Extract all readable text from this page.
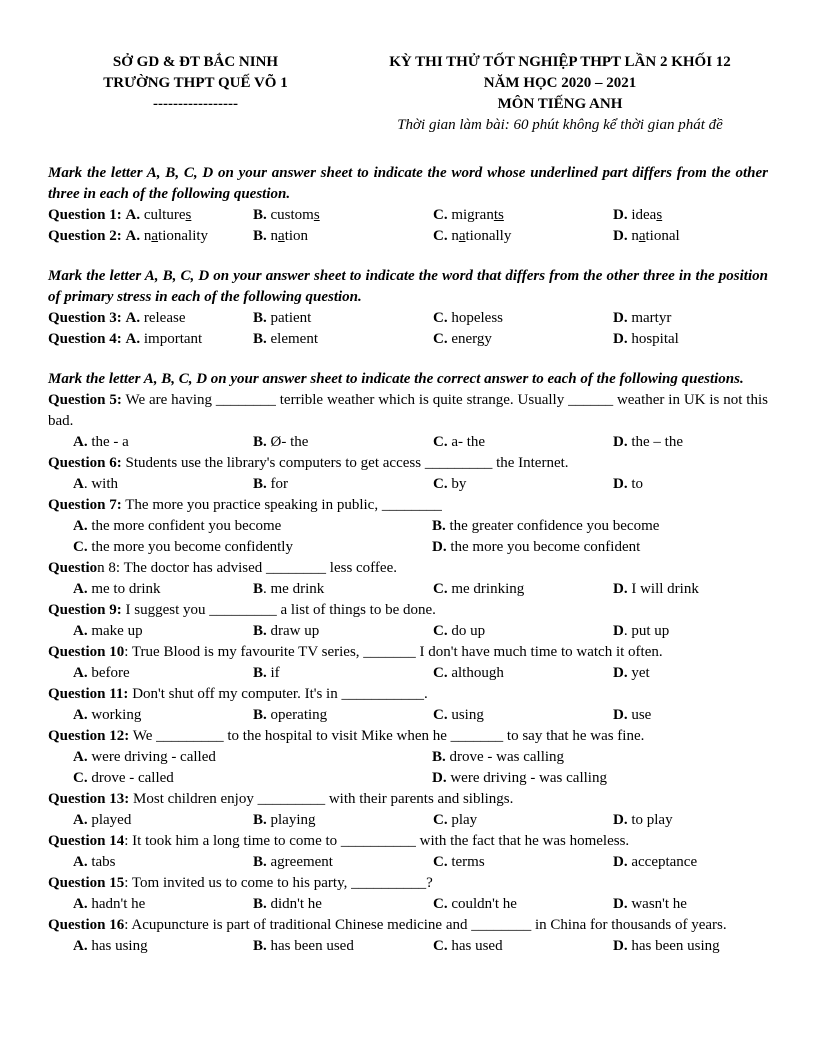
SỞ GD & ĐT BẮC NINH
TRƯỜNG THPT QUẾ VÕ 1
-----------------
KỲ THI THỬ TỐT NGHIỆP THPT LẦN 2 KHỐI 12
NĂM HỌC 2020 – 2021
MÔN TIẾNG ANH
Thời gian làm bài: 60 phút không kể thời gian phát đề
Mark the letter A, B, C, D on your answer sheet to indicate the word whose underlined part differs from the other three in each of the following question.
Question 1: A. cultures	B. customs	C. migrants	D. ideas
Question 2: A. nationality	B. nation	C. nationally	D. national
Mark the letter A, B, C, D on your answer sheet to indicate the word that differs from the other three in the position of primary stress in each of the following question.
Question 3: A. release	B. patient	C. hopeless	D. martyr
Question 4: A. important	B. element	C. energy	D. hospital
Mark the letter A, B, C, D on your answer sheet to indicate the correct answer to each of the following questions.
Question 5: We are having ________ terrible weather which is quite strange. Usually ______ weather in UK is not this bad.
A. the - a	B. Ø- the	C. a- the	D. the – the
Question 6: Students use the library's computers to get access _________ the Internet.
A. with	B. for	C. by	D. to
Question 7: The more you practice speaking in public, ________
A. the more confident you become	B. the greater confidence you become
C. the more you become confidently	D. the more you become confident
Question 8: The doctor has advised ________ less coffee.
A. me to drink	B. me drink	C. me drinking	D. I will drink
Question 9: I suggest you _________ a list of things to be done.
A. make up	B. draw up	C. do up	D. put up
Question 10: True Blood is my favourite TV series, _______ I don't have much time to watch it often.
A. before	B. if	C. although	D. yet
Question 11: Don't shut off my computer. It's in ___________.
A. working	B. operating	C. using	D. use
Question 12: We _________ to the hospital to visit Mike when he _______ to say that he was fine.
A. were driving - called	B. drove - was calling
C. drove - called	D. were driving - was calling
Question 13: Most children enjoy _________ with their parents and siblings.
A. played	B. playing	C. play	D. to play
Question 14: It took him a long time to come to __________ with the fact that he was homeless.
A. tabs	B. agreement	C. terms	D. acceptance
Question 15: Tom invited us to come to his party, __________?
A. hadn't he	B. didn't he	C. couldn't he	D. wasn't he
Question 16: Acupuncture is part of traditional Chinese medicine and ________ in China for thousands of years.
A. has using	B. has been used	C. has used	D. has been using
